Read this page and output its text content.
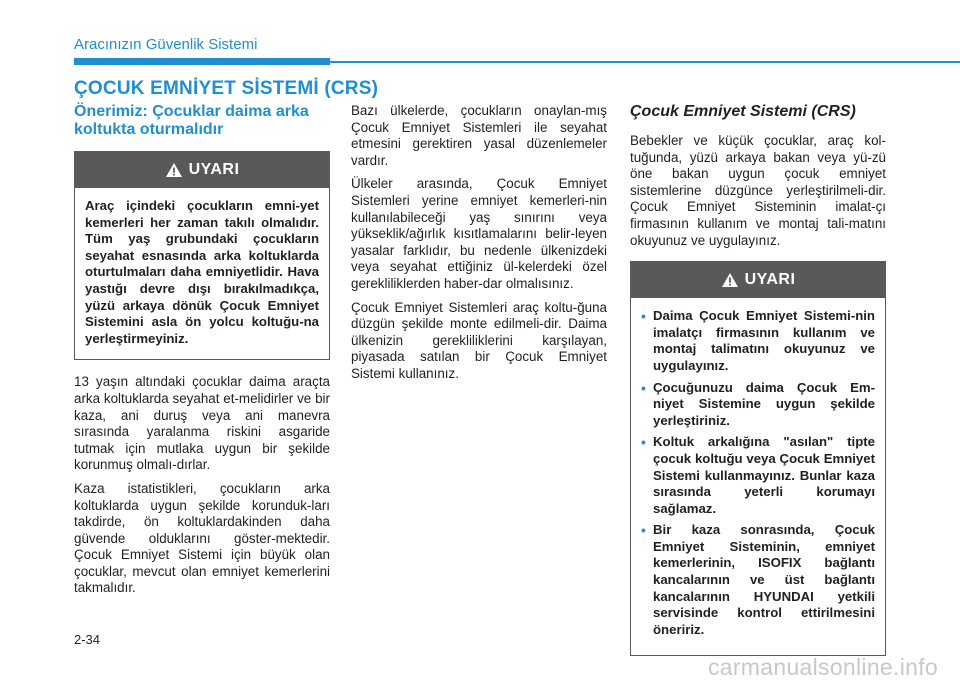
Aracınızın Güvenlik Sistemi
ÇOCUK EMNİYET SİSTEMİ (CRS)
Önerimiz: Çocuklar daima arka koltukta oturmalıdır
UYARI
Araç içindeki çocukların emni-yet kemerleri her zaman takılı olmalıdır. Tüm yaş grubundaki çocukların seyahat esnasında arka koltuklarda oturtulmaları daha emniyetlidir. Hava yastığı devre dışı bırakılmadıkça, yüzü arkaya dönük Çocuk Emniyet Sistemini asla ön yolcu koltuğu-na yerleştirmeyiniz.

13 yaşın altındaki çocuklar daima araçta arka koltuklarda seyahat et-melidirler ve bir kaza, ani duruş veya ani manevra sırasında yaralanma riskini asgaride tutmak için mutlaka uygun bir şekilde korunmuş olmalı-dırlar.

Kaza istatistikleri, çocukların arka koltuklarda uygun şekilde korunduk-ları takdirde, ön koltuklardakinden daha güvende olduklarını göster-mektedir. Çocuk Emniyet Sistemi için büyük olan çocuklar, mevcut olan emniyet kemerlerini takmalıdır.

Bazı ülkelerde, çocukların onaylan-mış Çocuk Emniyet Sistemleri ile seyahat etmesini gerektiren yasal düzenlemeler vardır.

Ülkeler arasında, Çocuk Emniyet Sistemleri yerine emniyet kemerleri-nin kullanılabileceği yaş sınırını veya yükseklik/ağırlık kısıtlamalarını belir-leyen yasalar farklıdır, bu nedenle ülkenizdeki veya seyahat ettiğiniz ül-kelerdeki özel gerekliliklerden haber-dar olmalısınız.

Çocuk Emniyet Sistemleri araç koltu-ğuna düzgün şekilde monte edilmeli-dir. Daima ülkenizin gerekliliklerini karşılayan, piyasada satılan bir Çocuk Emniyet Sistemi kullanınız.

Çocuk Emniyet Sistemi (CRS)

Bebekler ve küçük çocuklar, araç kol-tuğunda, yüzü arkaya bakan veya yü-zü öne bakan uygun çocuk emniyet sistemlerine düzgünce yerleştirilmeli-dir. Çocuk Emniyet Sisteminin imalat-çı firmasının kullanım ve montaj tali-matını okuyunuz ve uygulayınız.

UYARI
• Daima Çocuk Emniyet Sistemi-nin imalatçı firmasının kullanım ve montaj talimatını okuyunuz ve uygulayınız.
• Çocuğunuzu daima Çocuk Em-niyet Sistemine uygun şekilde yerleştiriniz.
• Koltuk arkalığına "asılan" tipte çocuk koltuğu veya Çocuk Emniyet Sistemi kullanmayınız. Bunlar kaza sırasında yeterli korumayı sağlamaz.
• Bir kaza sonrasında, Çocuk Emniyet Sisteminin, emniyet kemerlerinin, ISOFIX bağlantı kancalarının ve üst bağlantı kancalarının HYUNDAI yetkili servisinde kontrol ettirilmesini öneririz.
2-34
carmanualsonline.info
